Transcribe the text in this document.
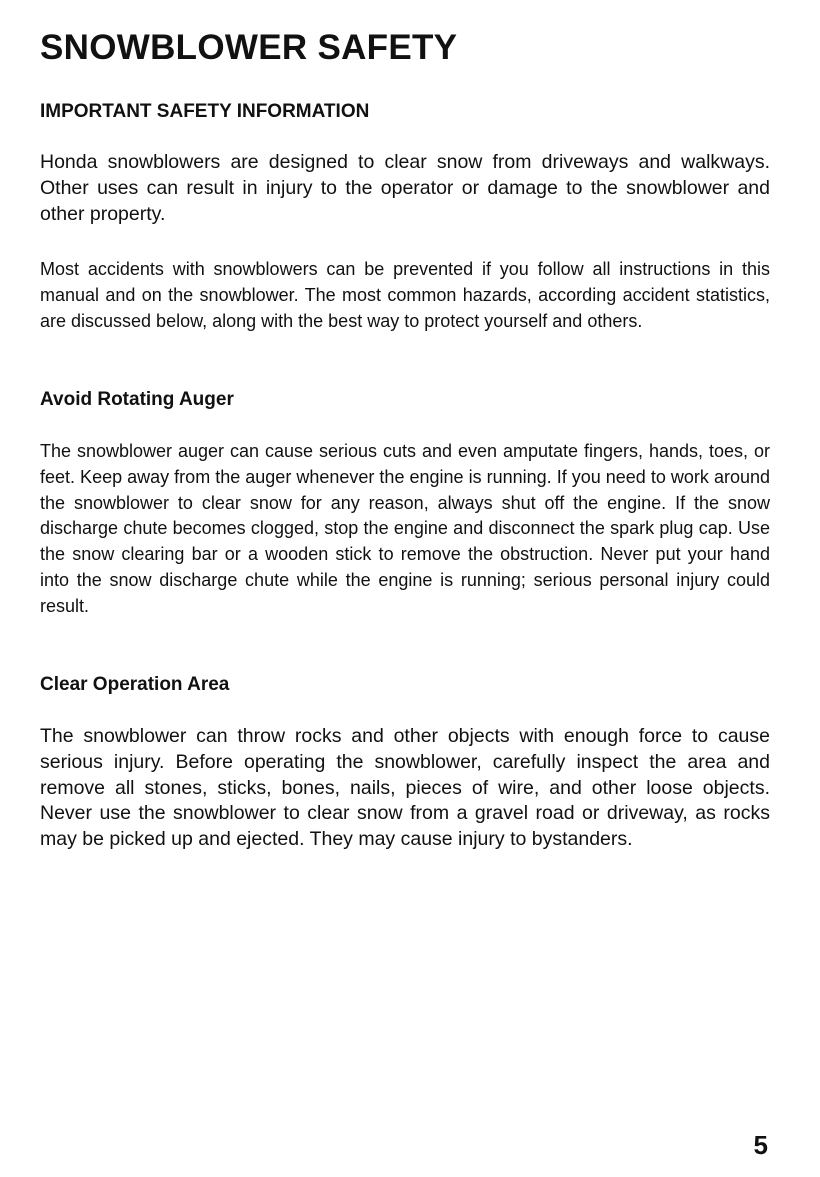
SNOWBLOWER SAFETY
IMPORTANT SAFETY INFORMATION

Honda snowblowers are designed to clear snow from driveways and walkways. Other uses can result in injury to the operator or damage to the snowblower and other property.

Most accidents with snowblowers can be prevented if you follow all instructions in this manual and on the snowblower. The most common hazards, according accident statistics, are discussed below, along with the best way to protect yourself and others.

Avoid Rotating Auger

The snowblower auger can cause serious cuts and even amputate fingers, hands, toes, or feet. Keep away from the auger whenever the engine is running. If you need to work around the snowblower to clear snow for any reason, always shut off the engine. If the snow discharge chute becomes clogged, stop the engine and disconnect the spark plug cap. Use the snow clearing bar or a wooden stick to remove the obstruction. Never put your hand into the snow discharge chute while the engine is running; serious personal injury could result.

Clear Operation Area

The snowblower can throw rocks and other objects with enough force to cause serious injury. Before operating the snowblower, carefully inspect the area and remove all stones, sticks, bones, nails, pieces of wire, and other loose objects. Never use the snowblower to clear snow from a gravel road or driveway, as rocks may be picked up and ejected. They may cause injury to bystanders.

5
